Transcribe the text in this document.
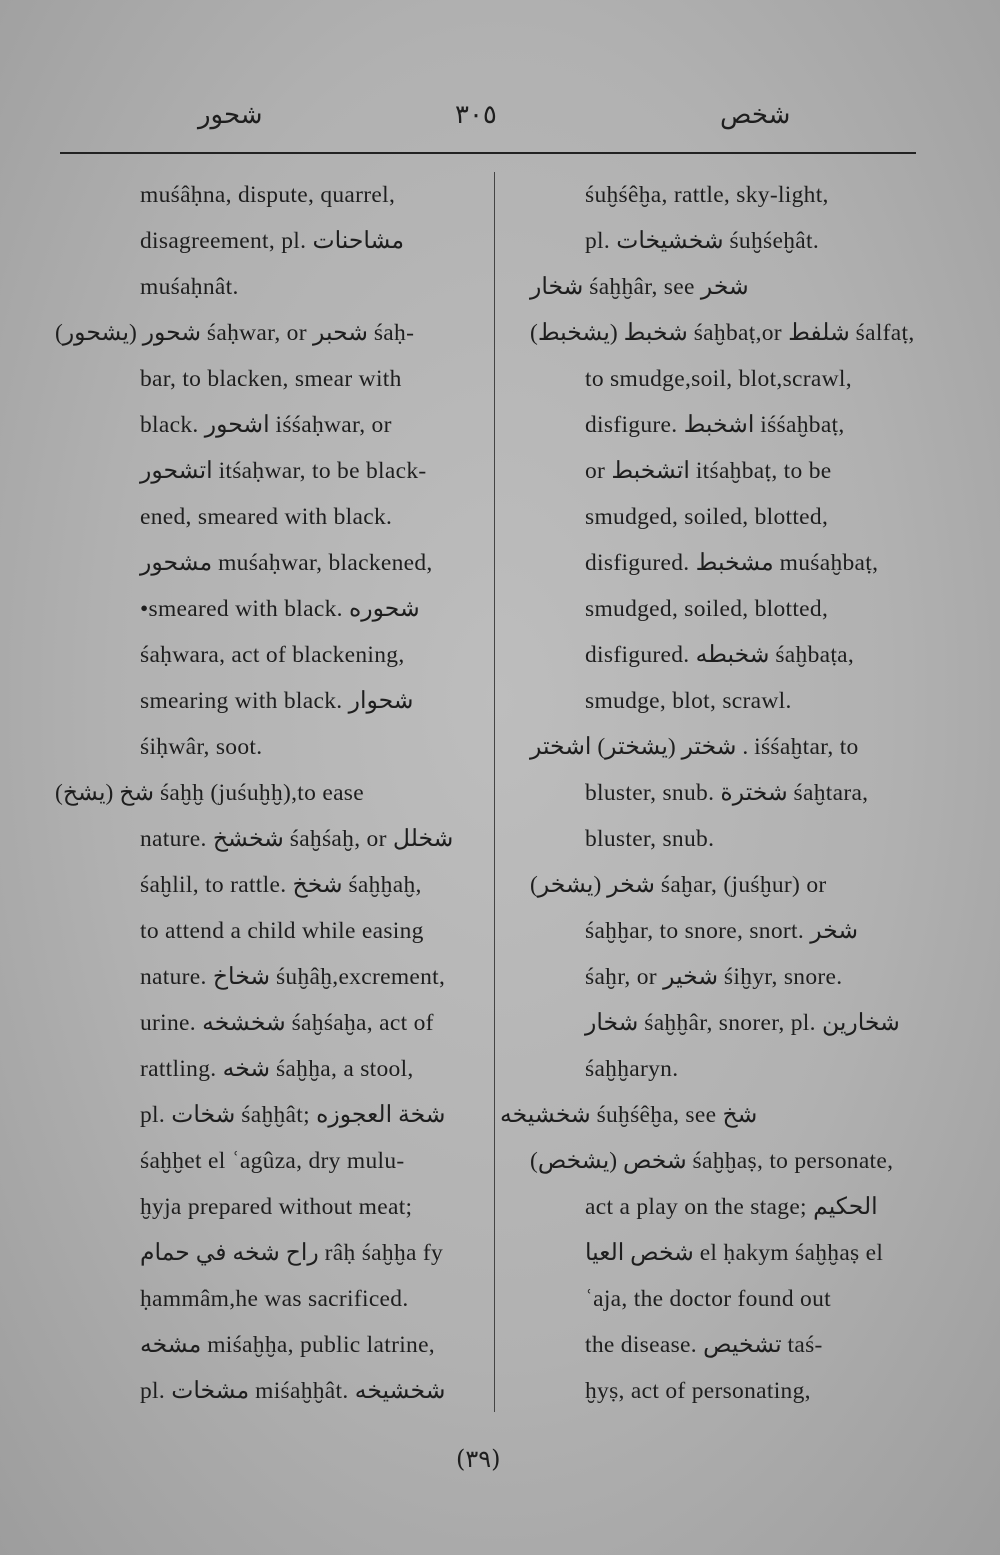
شحور	٣٠٥	شخص
muśâḥna, dispute, quarrel,
disagreement, pl. مشاحنات
muśaḥnât.
شحور (يشحور) śaḥwar, or شحبر śaḥ-
bar, to blacken, smear with
black. اشحور iśśaḥwar, or
اتشحور itśaḥwar, to be black-
ened, smeared with black.
مشحور muśaḥwar, blackened,
•smeared with black. شحوره
śaḥwara, act of blackening,
smearing with black. شحوار
śiḥwâr, soot.
شخ (يشخ) śaḫḫ (juśuḫḫ),to ease
nature. شخشخ śaḫśaḫ, or شخلل
śaḫlil, to rattle. شخخ śaḫḫaḫ,
to attend a child while easing
nature. شخاخ śuḫâḫ,excrement,
urine. شخشخه śaḫśaḫa, act of
rattling. شخه śaḫḫa, a stool,
pl. شخات śaḫḫât; شخة العجوزه
śaḫḫet el ʿagûza, dry mulu-
ḫyja prepared without meat;
راح شخه في حمام râḥ śaḫḫa fy
ḥammâm,he was sacrificed.
مشخه miśaḫḫa, public latrine,
pl. مشخات miśaḫḫât. شخشيخه
śuḫśêḫa, rattle, sky-light,
pl. شخشيخات śuḫśeḫât.
شخار śaḫḫâr, see شخر
شخبط (يشخبط) śaḫbaṭ,or شلفط śalfaṭ,
to smudge,soil, blot,scrawl,
disfigure. اشخبط iśśaḫbaṭ,
or اتشخبط itśaḫbaṭ, to be
smudged, soiled, blotted,
disfigured. مشخبط muśaḫbaṭ,
smudged, soiled, blotted,
disfigured. شخبطه śaḫbaṭa,
smudge, blot, scrawl.
شختر (يشختر) اشختر . iśśaḫtar, to
bluster, snub. شخترة śaḫtara,
bluster, snub.
شخر (يشخر) śaḫar, (juśḫur) or
śaḫḫar, to snore, snort. شخر
śaḫr, or شخير śiḫyr, snore.
شخار śaḫḫâr, snorer, pl. شخارين
śaḫḫaryn.
شخشيخه śuḫśêḫa, see شخ
شخص (يشخص) śaḫḫaṣ, to personate,
act a play on the stage; الحكيم
شخص العيا el ḥakym śaḫḫaṣ el
ʿaja, the doctor found out
the disease. تشخيص taś-
ḫyṣ, act of personating,
(٣٩)
